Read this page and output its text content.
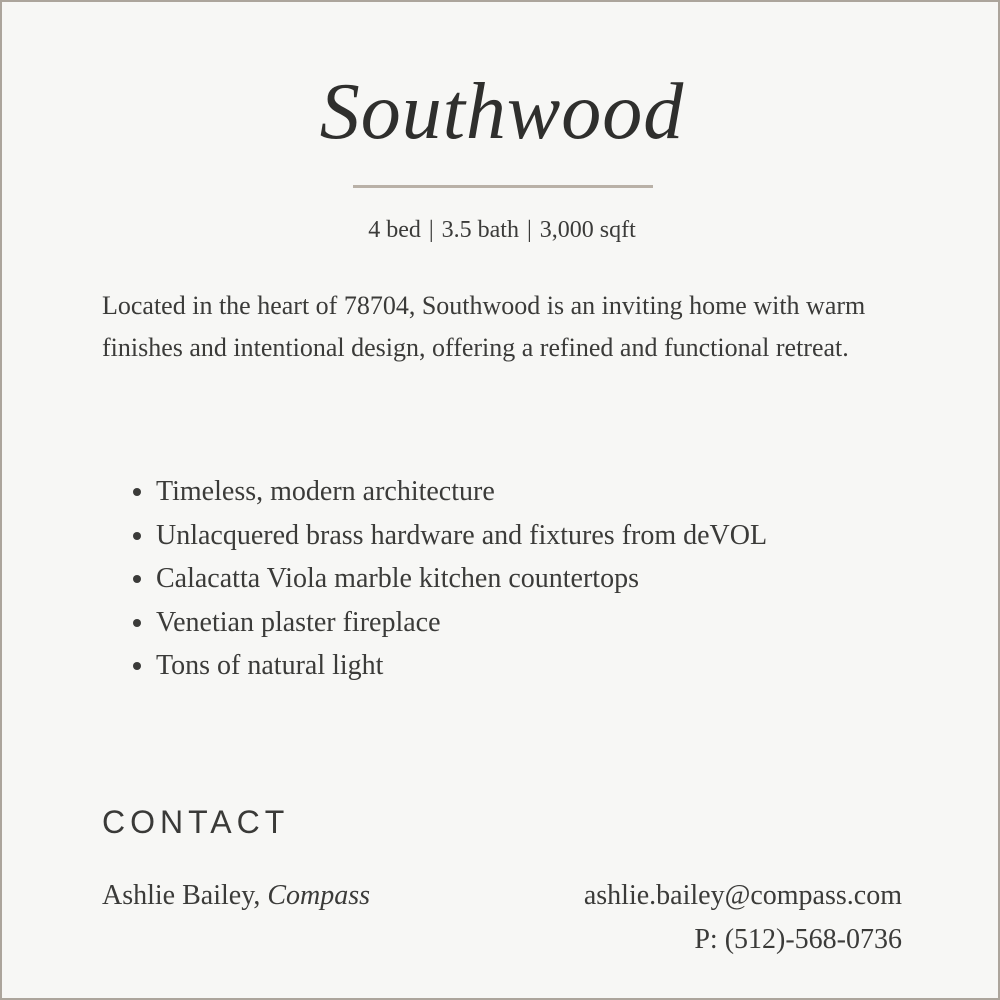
Southwood
4 bed | 3.5 bath | 3,000 sqft
Located in the heart of 78704, Southwood is an inviting home with warm finishes and intentional design, offering a refined and functional retreat.
• Timeless, modern architecture
• Unlacquered brass hardware and fixtures from deVOL
• Calacatta Viola marble kitchen countertops
• Venetian plaster fireplace
• Tons of natural light
CONTACT
Ashlie Bailey, Compass	ashlie.bailey@compass.com
P: (512)-568-0736
